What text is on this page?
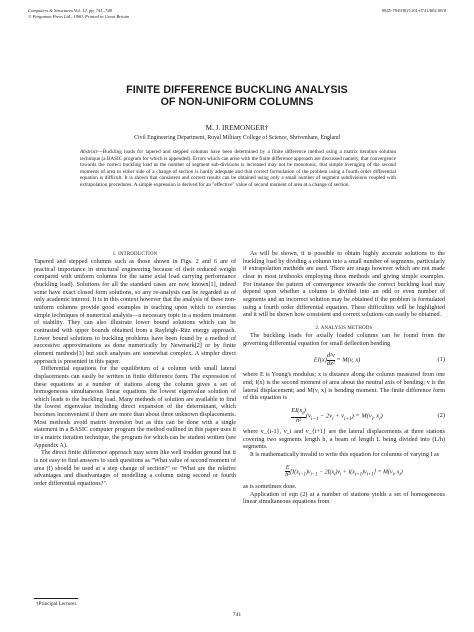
Computers & Structures Vol. 12, pp. 741–748
© Pergamon Press Ltd., 1980. Printed in Great Britain
0045-7949/80/1101-0741/$02.00/0
FINITE DIFFERENCE BUCKLING ANALYSIS
OF NON-UNIFORM COLUMNS
M. J. IREMONGER†
Civil Engineering Department, Royal Military College of Science, Shrivenham, England
Abstract—Buckling loads for tapered and stepped columns have been determined by a finite difference method using a matrix iteration solution technique (a BASIC program for which is appended). Errors which can arise with the finite difference approach are discussed namely, that convergence towards the correct buckling load as the number of segment sub-divisions is increased may not be monotonic, that simple averaging of the second moments of area to either side of a change of section is hardly adequate and that correct formulation of the problem using a fourth order differential equation is difficult. It is shown that consistent and correct results can be obtained using only a small number of segment subdivisions coupled with extrapolation procedures. A simple expression is derived for an "effective" value of second moment of area at a change of section.
1. INTRODUCTION

Tapered and stepped columns such as those shown in Figs. 2 and 6 are of practical importance in structural engineering because of their reduced weight compared with uniform columns for the same axial load carrying performance (buckling load). Solutions for all the standard cases are now known[1], indeed some have exact closed form solutions, so any re-analysis can be regarded as of only academic interest. It is in this context however that the analysis of these non-uniform columns provide good examples in teaching upon which to exercise simple techniques of numerical analysis—a necessary topic in a modern treatment of stability. They can also illustrate lower bound solutions which can be contrasted with upper bounds obtained from a Rayleigh–Ritz energy approach. Lower bound solutions to buckling problems have been found by a method of successive approximations as done numerically by Newmark[2] or by finite element methods[3] but such analyses are somewhat complex. A simpler direct approach is presented in this paper.

Differential equations for the equilibrium of a column with small lateral displacements can easily be written in finite difference form. The expression of these equations at a number of stations along the column gives a set of homogeneous simultaneous linear equations the lowest eigenvalue solution of which leads to the buckling load. Many methods of solution are available to find the lowest eigenvalue including direct expansion of the determinant, which becomes inconvenient if there are more than about three unknown displacements. Most methods avoid matrix inversion but as this can be done with a single statement in a BASIC computer program the method outlined in this paper uses it in a matrix iteration technique, the program for which can be student written (see Appendix A).

The direct finite difference approach may seem like well trodden ground but it is not easy to find answers to such questions as "What value of second moment of area (I) should be used at a step change of section?" or "What are the relative advantages and disadvantages of modelling a column using second or fourth order differential equations?".

As will be shown, it is possible to obtain highly accurate solutions to the buckling load by dividing a column into a small number of segments, particularly if extrapolation methods are used. There are snags however which are not made clear in most textbooks employing these methods and giving simple examples. For instance the pattern of convergence towards the correct buckling load may depend upon whether a column is divided into an odd or even number of segments and an incorrect solution may be obtained if the problem is formulated using a fourth order differential equation. These difficulties will be highlighted and it will be shown how consistent and correct solutions can easily be obtained.

2. ANALYSIS METHODS

The buckling loads for axially loaded columns can be found from the governing differential equation for small deflection bending

$EI(x) \frac{\text{d²v}}{\text{dx²}} = M(v$, x)	(1)

where E is Young's modulus; x is distance along the column measured from one end; I(x) is the second moment of area about the neutral axis of bending; v is the lateral displacement; and M(v, x) is bending moment. The finite difference form of this equation is

$\frac{EI(x_i)}{\text{h²}} (v_{i-1} - 2v_i + v_{i+1}) = M(v_i$, $x_i$)	(2)

where v_{i-1}, v_i and v_{i+1} are the lateral displacements at three stations covering two segments length h, a beam of length L being divided into (L/h) segments.

It is mathematically invalid to write this equation for columns of varying I as

$\frac{E}{\text{h²}} [I(x_{i-1})v_{i-1} - 2I(x_i)v_i + I(x_{i+1})v_{i+1}] = M(v_i$, $x_i$)

as is sometimes done.

Application of eqn (2) at a number of stations yields a set of homogeneous linear simultaneous equations from

†Principal Lecturer.
741
